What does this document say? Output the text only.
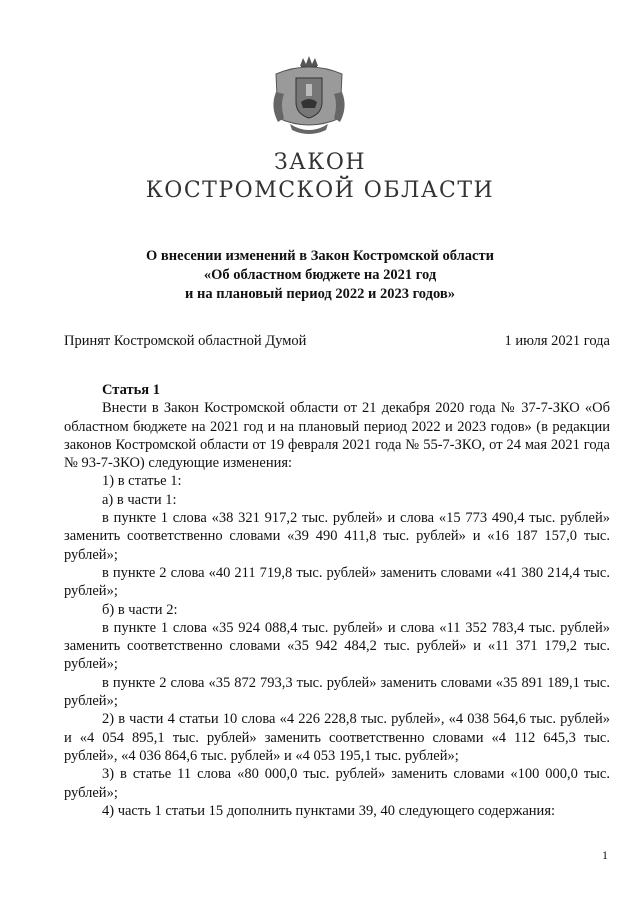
ЗАКОН
КОСТРОМСКОЙ ОБЛАСТИ
О внесении изменений в Закон Костромской области
«Об областном бюджете на 2021 год
и на плановый период 2022 и 2023 годов»
Принят Костромской областной Думой	1 июля 2021 года
Статья 1

Внести в Закон Костромской области от 21 декабря 2020 года № 37-7-ЗКО «Об областном бюджете на 2021 год и на плановый период 2022 и 2023 годов» (в редакции законов Костромской области от 19 февраля 2021 года № 55-7-ЗКО, от 24 мая 2021 года № 93-7-ЗКО) следующие изменения:

1) в статье 1:

а) в части 1:

в пункте 1 слова «38 321 917,2 тыс. рублей» и слова «15 773 490,4 тыс. рублей» заменить соответственно словами «39 490 411,8 тыс. рублей» и «16 187 157,0 тыс. рублей»;

в пункте 2 слова «40 211 719,8 тыс. рублей» заменить словами «41 380 214,4 тыс. рублей»;

б) в части 2:

в пункте 1 слова «35 924 088,4 тыс. рублей» и слова «11 352 783,4 тыс. рублей» заменить соответственно словами «35 942 484,2 тыс. рублей» и «11 371 179,2 тыс. рублей»;

в пункте 2 слова «35 872 793,3 тыс. рублей» заменить словами «35 891 189,1 тыс. рублей»;

2) в части 4 статьи 10 слова «4 226 228,8 тыс. рублей», «4 038 564,6 тыс. рублей» и «4 054 895,1 тыс. рублей» заменить соответственно словами «4 112 645,3 тыс. рублей», «4 036 864,6 тыс. рублей» и «4 053 195,1 тыс. рублей»;

3) в статье 11 слова «80 000,0 тыс. рублей» заменить словами «100 000,0 тыс. рублей»;

4) часть 1 статьи 15 дополнить пунктами 39, 40 следующего содержания:

1
